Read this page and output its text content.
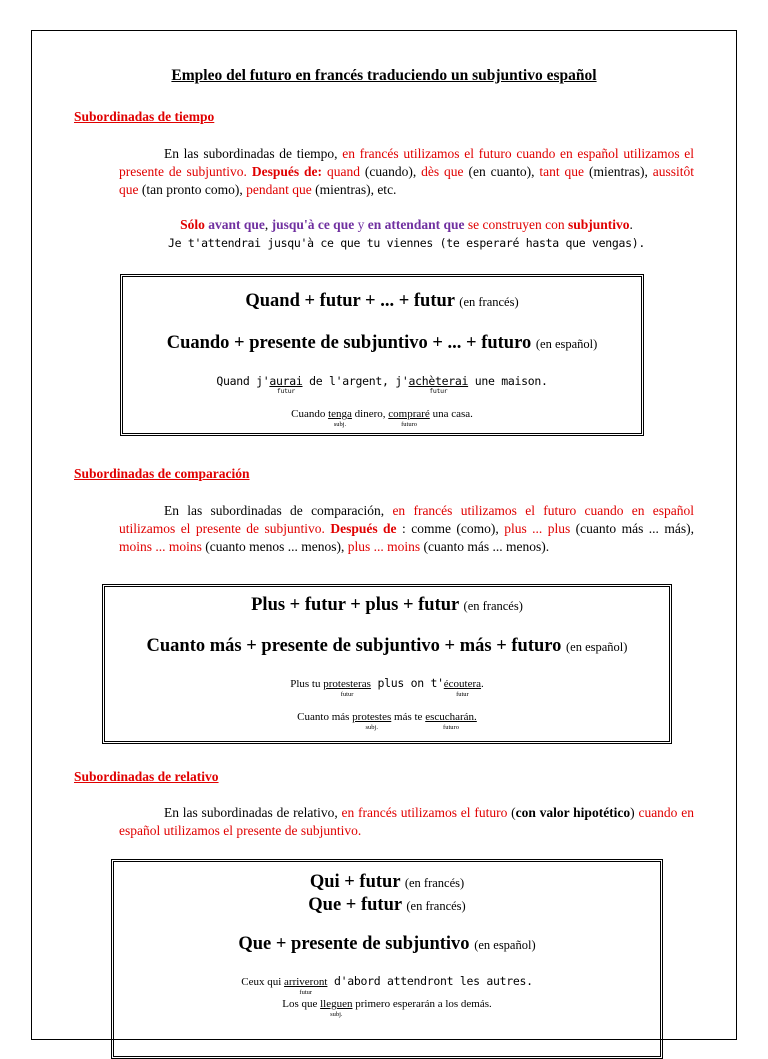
Empleo del futuro en francés traduciendo un subjuntivo español
Subordinadas de tiempo

En las subordinadas de tiempo, en francés utilizamos el futuro cuando en español utilizamos el presente de subjuntivo. Después de: quand (cuando), dès que (en cuanto), tant que (mientras), aussitôt que (tan pronto como), pendant que (mientras), etc.

Sólo avant que, jusqu'à ce que y en attendant que se construyen con subjuntivo.

Je t'attendrai jusqu'à ce que tu viennes (te esperaré hasta que vengas).

Quand + futur + ... + futur (en francés)
Cuando + presente de subjuntivo + ... + futuro (en español)
Quand j'aurai
futur
de l'argent, j'achèterai
futur
une maison.
Cuando tenga
subj.
dinero, compraré
futuro
una casa.
Subordinadas de comparación

En las subordinadas de comparación, en francés utilizamos el futuro cuando en español utilizamos el presente de subjuntivo. Después de : comme (como), plus ... plus (cuanto más ... más), moins ... moins (cuanto menos ... menos), plus ... moins (cuanto más ... menos).

Plus + futur + plus + futur (en francés)
Cuanto más + presente de subjuntivo + más + futuro (en español)
Plus tu protesteras
futur
plus on t'écoutera
futur
.
Cuanto más protestes
subj.
más te escucharán.
futuro
Subordinadas de relativo

En las subordinadas de relativo, en francés utilizamos el futuro (con valor hipotético) cuando en español utilizamos el presente de subjuntivo.

Qui + futur (en francés)
Que + futur (en francés)
Que + presente de subjuntivo (en español)
Ceux qui arriveront
futur
d'abord attendront les autres.
Los que lleguen
subj.
primero esperarán a los demás.
